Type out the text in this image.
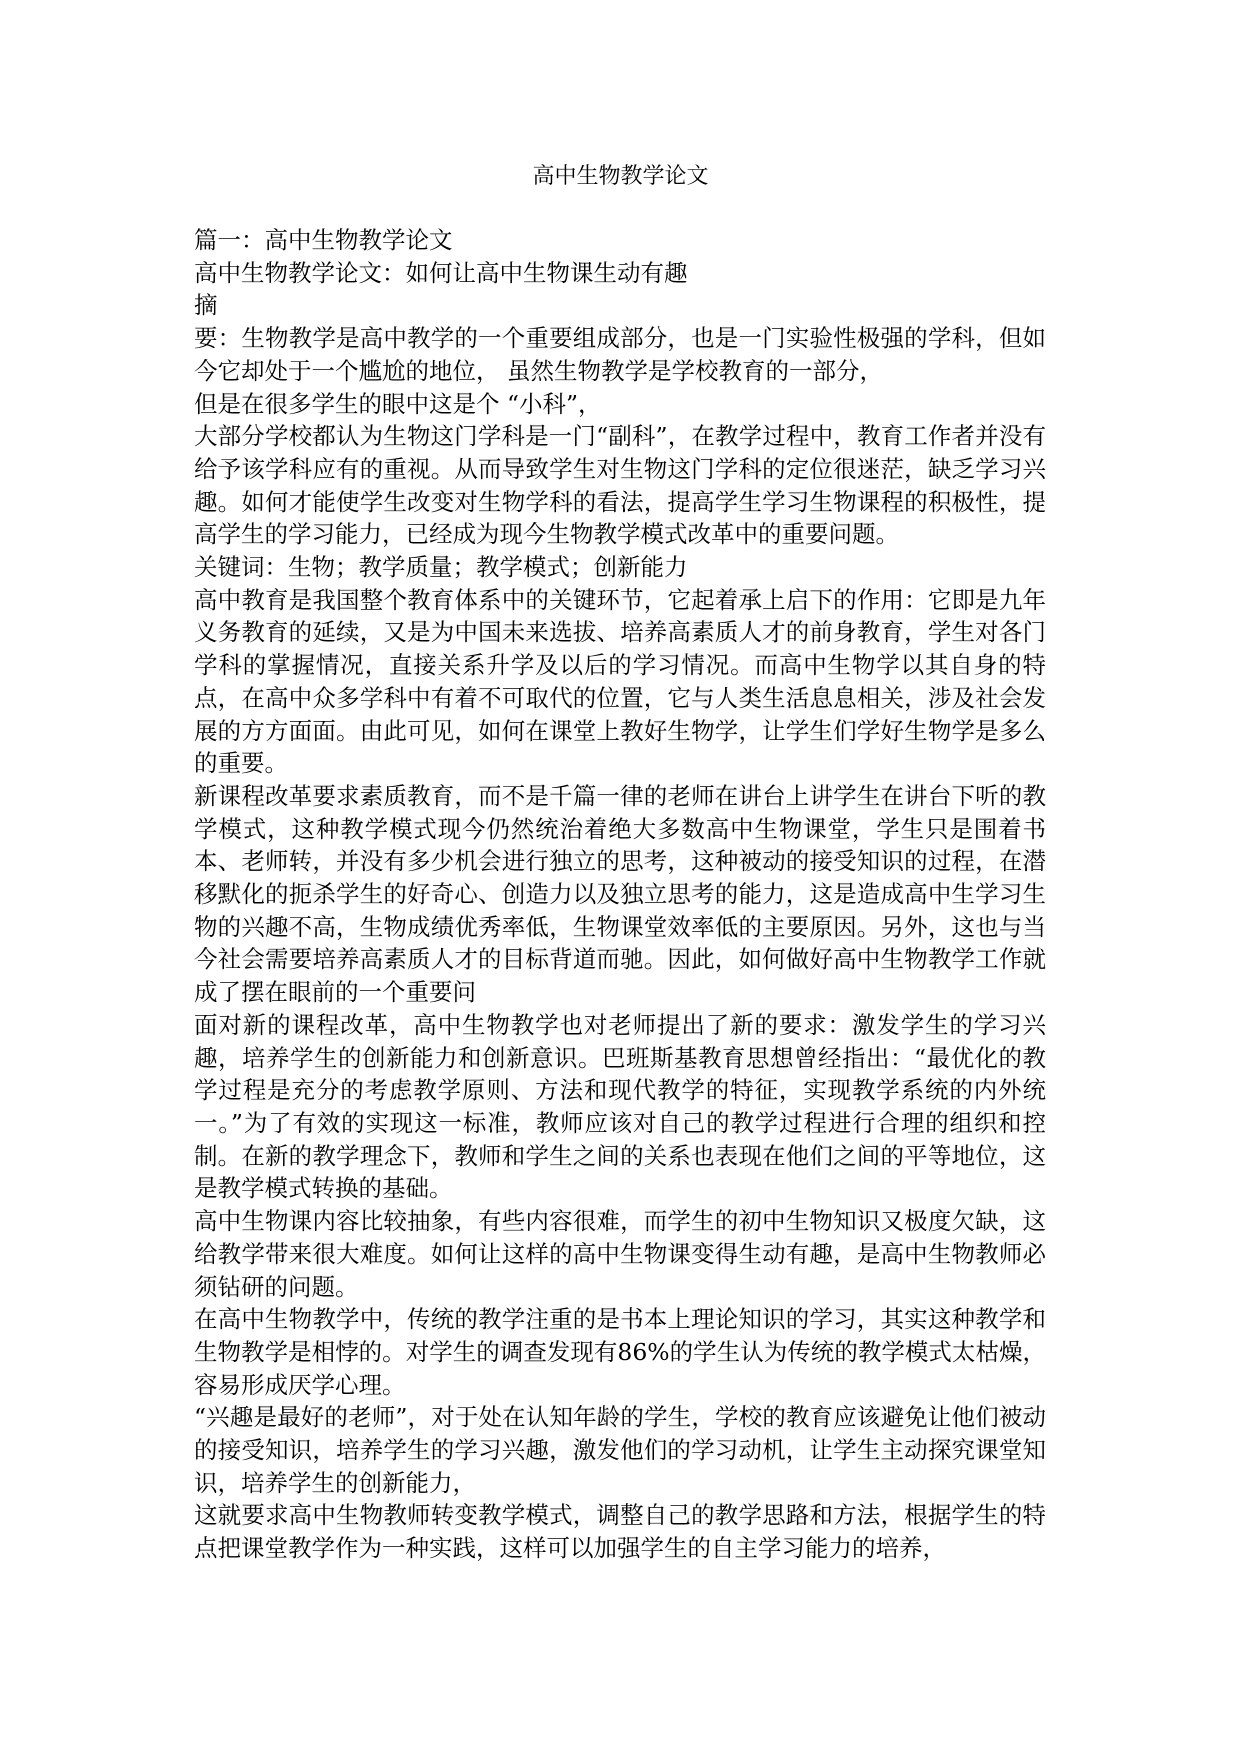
高中生物教学论文

篇一：高中生物教学论文

高中生物教学论文：如何让高中生物课生动有趣

摘

要：生物教学是高中教学的一个重要组成部分，也是一门实验性极强的学科，但如今它却处于一个尴尬的地位， 虽然生物教学是学校教育的一部分，

但是在很多学生的眼中这是个 “小科”，

大部分学校都认为生物这门学科是一门“副科”，在教学过程中，教育工作者并没有给予该学科应有的重视。从而导致学生对生物这门学科的定位很迷茫，缺乏学习兴趣。如何才能使学生改变对生物学科的看法，提高学生学习生物课程的积极性，提高学生的学习能力，已经成为现今生物教学模式改革中的重要问题。

关键词：生物；教学质量；教学模式；创新能力

高中教育是我国整个教育体系中的关键环节，它起着承上启下的作用：它即是九年义务教育的延续，又是为中国未来选拔、培养高素质人才的前身教育，学生对各门学科的掌握情况，直接关系升学及以后的学习情况。而高中生物学以其自身的特点，在高中众多学科中有着不可取代的位置，它与人类生活息息相关，涉及社会发展的方方面面。由此可见，如何在课堂上教好生物学，让学生们学好生物学是多么的重要。

新课程改革要求素质教育，而不是千篇一律的老师在讲台上讲学生在讲台下听的教学模式，这种教学模式现今仍然统治着绝大多数高中生物课堂，学生只是围着书本、老师转，并没有多少机会进行独立的思考，这种被动的接受知识的过程，在潜移默化的扼杀学生的好奇心、创造力以及独立思考的能力，这是造成高中生学习生物的兴趣不高，生物成绩优秀率低，生物课堂效率低的主要原因。另外，这也与当今社会需要培养高素质人才的目标背道而驰。因此，如何做好高中生物教学工作就成了摆在眼前的一个重要问

面对新的课程改革，高中生物教学也对老师提出了新的要求：激发学生的学习兴趣，培养学生的创新能力和创新意识。巴班斯基教育思想曾经指出：“最优化的教学过程是充分的考虑教学原则、方法和现代教学的特征，实现教学系统的内外统一。”为了有效的实现这一标准，教师应该对自己的教学过程进行合理的组织和控制。在新的教学理念下，教师和学生之间的关系也表现在他们之间的平等地位，这是教学模式转换的基础。

高中生物课内容比较抽象，有些内容很难，而学生的初中生物知识又极度欠缺，这给教学带来很大难度。如何让这样的高中生物课变得生动有趣，是高中生物教师必须钻研的问题。

在高中生物教学中，传统的教学注重的是书本上理论知识的学习，其实这种教学和生物教学是相悖的。对学生的调查发现有86%的学生认为传统的教学模式太枯燥，容易形成厌学心理。

“兴趣是最好的老师”，对于处在认知年龄的学生，学校的教育应该避免让他们被动的接受知识，培养学生的学习兴趣，激发他们的学习动机，让学生主动探究课堂知识，培养学生的创新能力，

这就要求高中生物教师转变教学模式，调整自己的教学思路和方法，根据学生的特点把课堂教学作为一种实践，这样可以加强学生的自主学习能力的培养，
